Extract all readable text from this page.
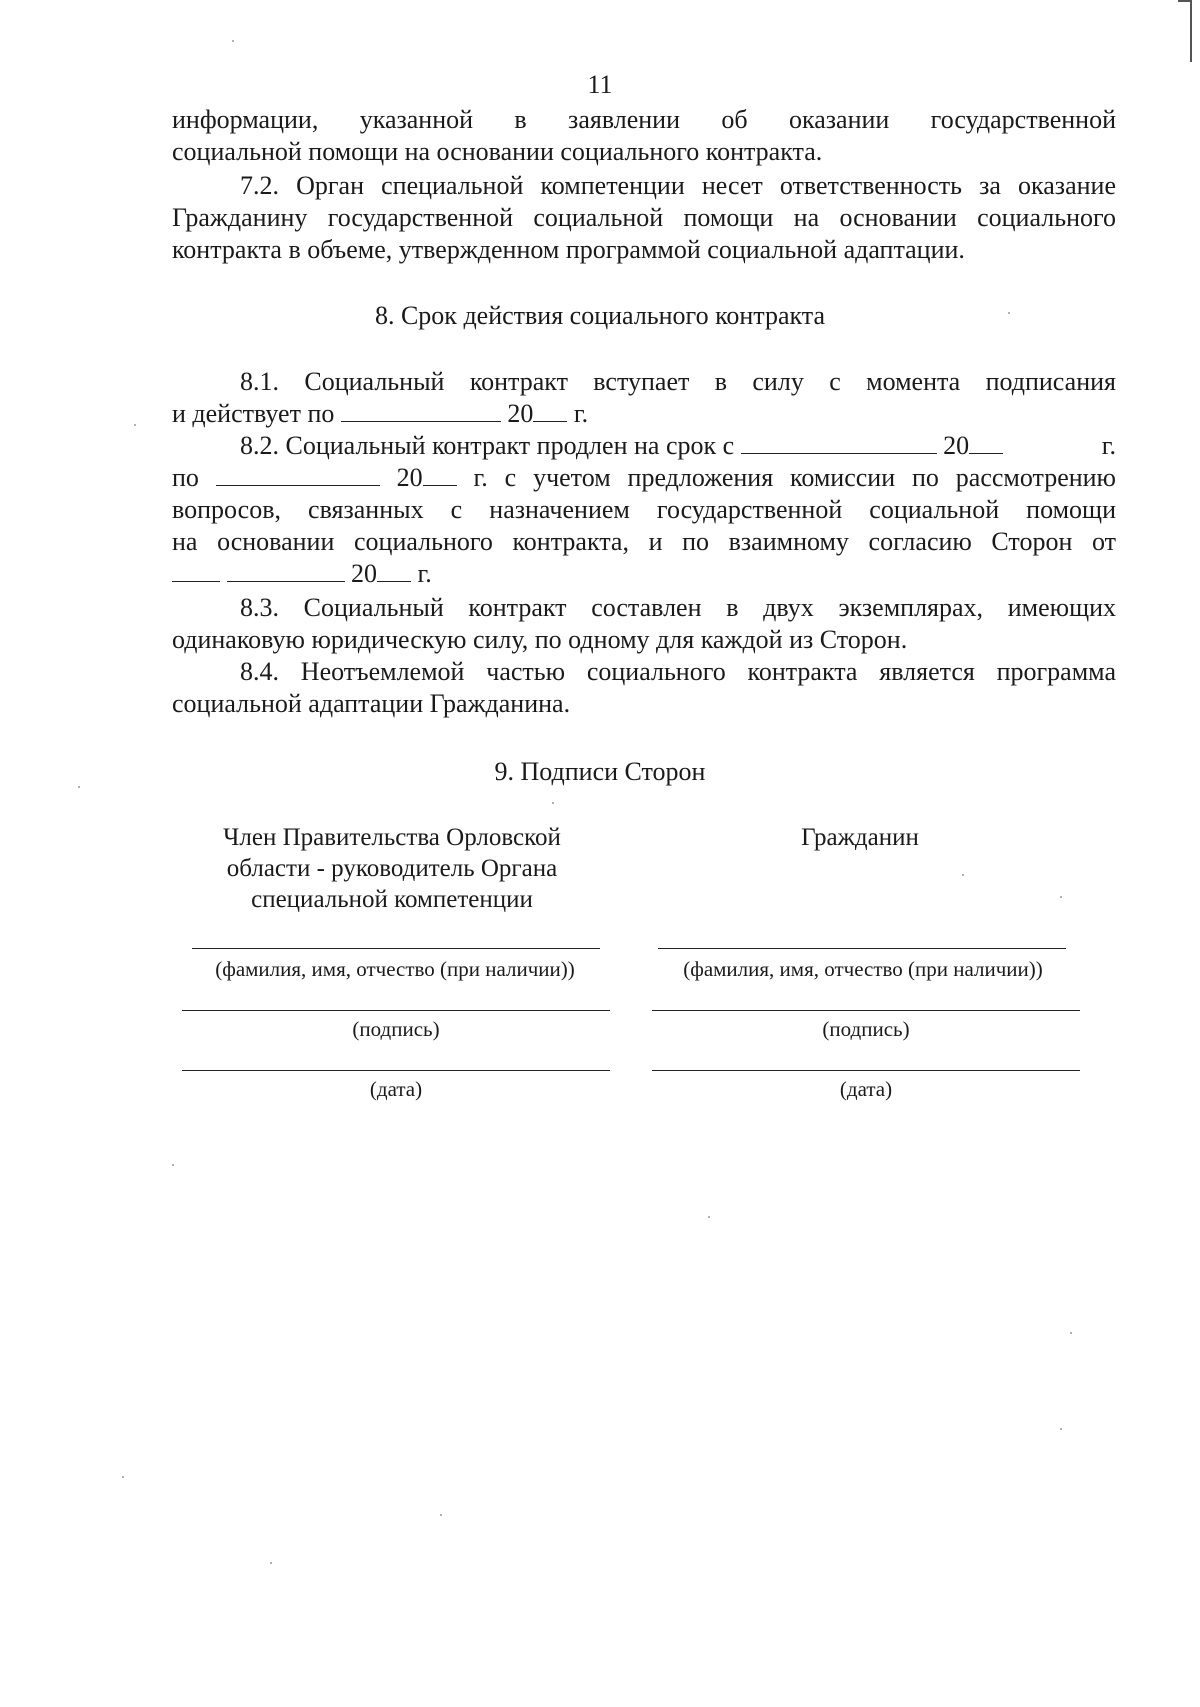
11
информации, указанной в заявлении об оказании государственной
социальной помощи на основании социального контракта.
7.2. Орган специальной компетенции несет ответственность за оказание
Гражданину государственной социальной помощи на основании социального
контракта в объеме, утвержденном программой социальной адаптации.
8. Срок действия социального контракта
8.1. Социальный контракт вступает в силу с момента подписания
и действует по	20 г.
8.2. Социальный контракт продлен на срок с	20	г.
по	20 г. с учетом предложения комиссии по рассмотрению
вопросов, связанных с назначением государственной социальной помощи
на основании социального контракта, и по взаимному согласию Сторон от
20 г.
8.3. Социальный контракт составлен в двух экземплярах, имеющих
одинаковую юридическую силу, по одному для каждой из Сторон.
8.4. Неотъемлемой частью социального контракта является программа
социальной адаптации Гражданина.
9. Подписи Сторон
Член Правительства Орловской
области - руководитель Органа
специальной компетенции
Гражданин
(фамилия, имя, отчество (при наличии))	(фамилия, имя, отчество (при наличии))
(подпись)	(подпись)
(дата)	(дата)
